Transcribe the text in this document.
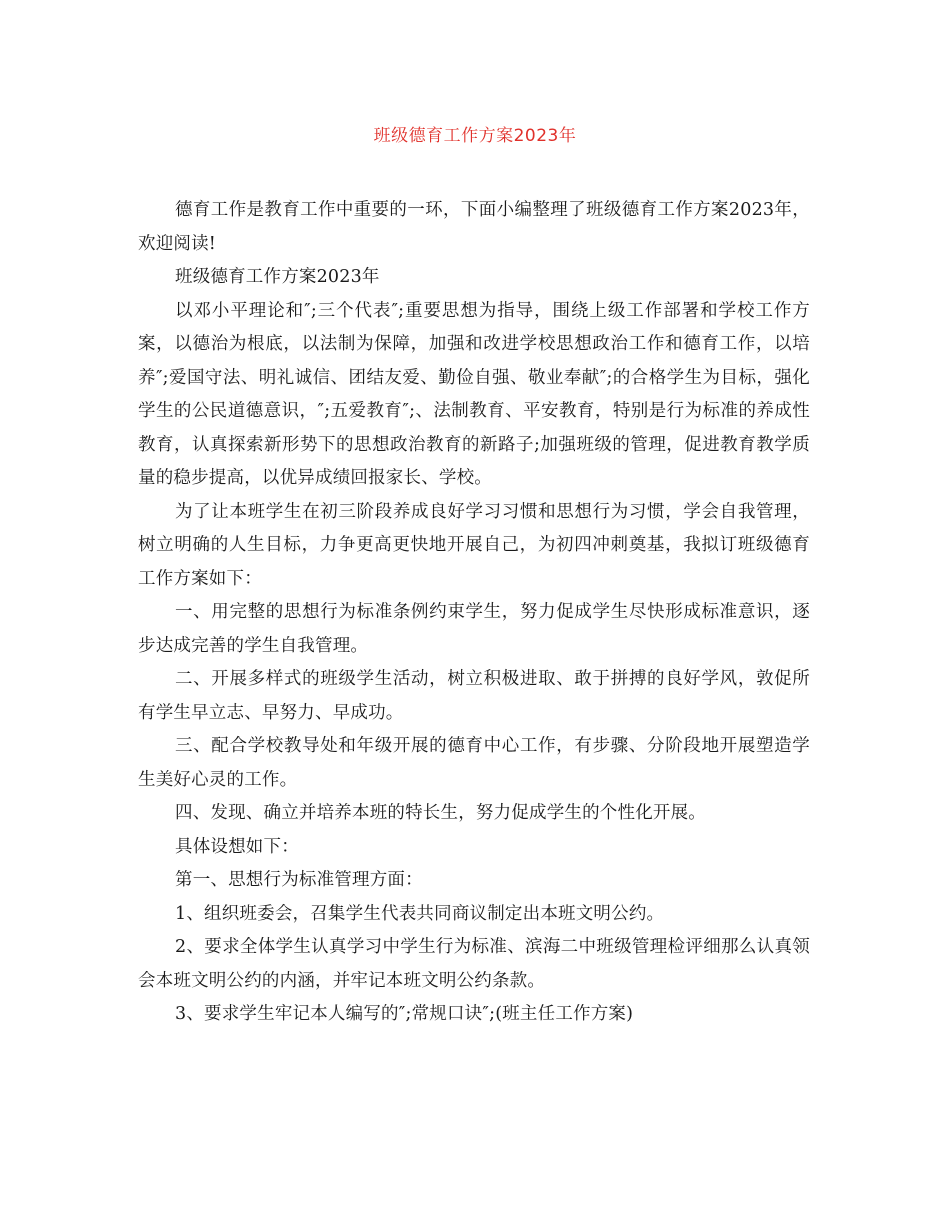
班级德育工作方案2023年

德育工作是教育工作中重要的一环，下面小编整理了班级德育工作方案2023年，欢迎阅读!

班级德育工作方案2023年

以邓小平理论和″;三个代表″;重要思想为指导，围绕上级工作部署和学校工作方案，以德治为根底，以法制为保障，加强和改进学校思想政治工作和德育工作，以培养″;爱国守法、明礼诚信、团结友爱、勤俭自强、敬业奉献″;的合格学生为目标，强化学生的公民道德意识，″;五爱教育″;、法制教育、平安教育，特别是行为标准的养成性教育，认真探索新形势下的思想政治教育的新路子;加强班级的管理，促进教育教学质量的稳步提高，以优异成绩回报家长、学校。

为了让本班学生在初三阶段养成良好学习习惯和思想行为习惯，学会自我管理，树立明确的人生目标，力争更高更快地开展自己，为初四冲刺奠基，我拟订班级德育工作方案如下：

一、用完整的思想行为标准条例约束学生，努力促成学生尽快形成标准意识，逐步达成完善的学生自我管理。

二、开展多样式的班级学生活动，树立积极进取、敢于拼搏的良好学风，敦促所有学生早立志、早努力、早成功。

三、配合学校教导处和年级开展的德育中心工作，有步骤、分阶段地开展塑造学生美好心灵的工作。

四、发现、确立并培养本班的特长生，努力促成学生的个性化开展。

具体设想如下：

第一、思想行为标准管理方面：

1、组织班委会，召集学生代表共同商议制定出本班文明公约。

2、要求全体学生认真学习中学生行为标准、滨海二中班级管理检评细那么认真领会本班文明公约的内涵，并牢记本班文明公约条款。

3、要求学生牢记本人编写的″;常规口诀″;(班主任工作方案)
